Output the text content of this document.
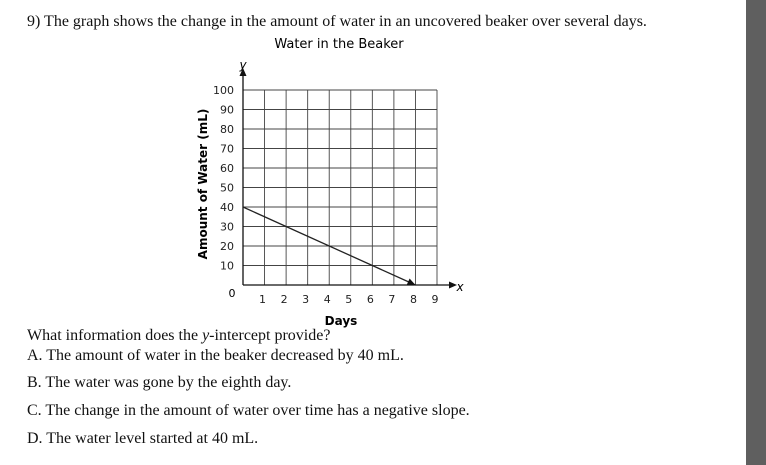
9) The graph shows the change in the amount of water in an uncovered beaker over several days.
Water in the Beaker
10
20
30
40
50
60
70
80
90
100
1 2 3 4 5 6 7 8 9
0
y
x
Days
Amount of Water (mL)
What information does the y-intercept provide?
A. The amount of water in the beaker decreased by 40 mL.
B. The water was gone by the eighth day.
C. The change in the amount of water over time has a negative slope.
D. The water level started at 40 mL.
